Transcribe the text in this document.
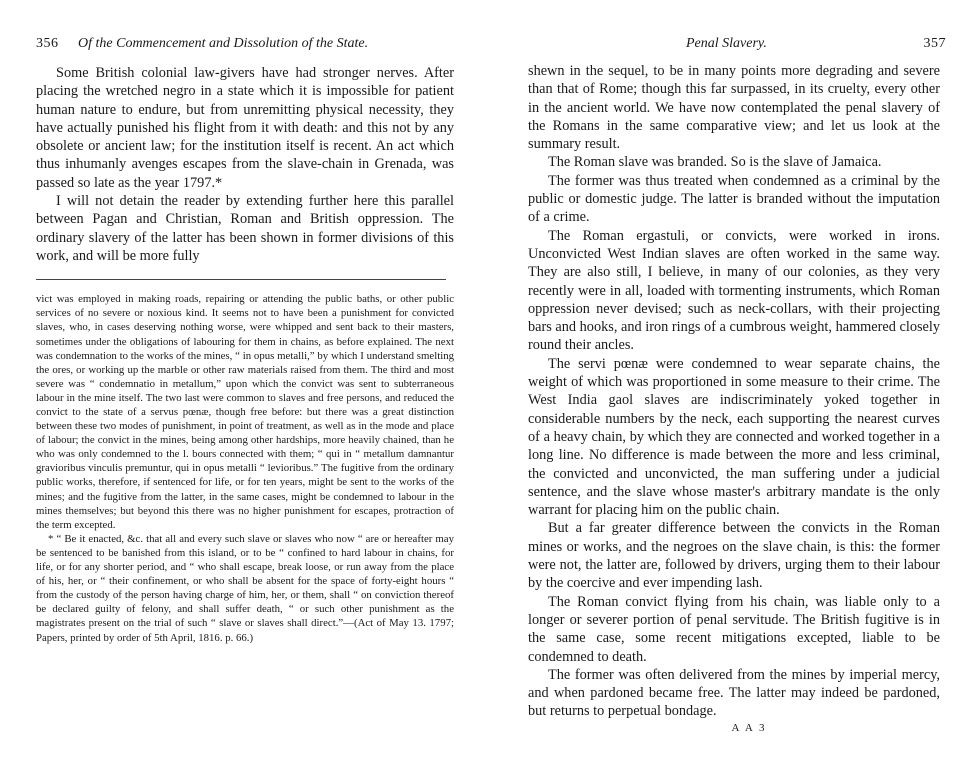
356 Of the Commencement and Dissolution of the State.

Some British colonial law-givers have had stronger nerves. After placing the wretched negro in a state which it is impossible for patient human nature to endure, but from unremitting physical necessity, they have actually punished his flight from it with death: and this not by any obsolete or ancient law; for the institution itself is recent. An act which thus inhumanly avenges escapes from the slave-chain in Grenada, was passed so late as the year 1797.*

I will not detain the reader by extending further here this parallel between Pagan and Christian, Roman and British oppression. The ordinary slavery of the latter has been shown in former divisions of this work, and will be more fully

vict was employed in making roads, repairing or attending the public baths, or other public services of no severe or noxious kind. It seems not to have been a punishment for convicted slaves, who, in cases deserving nothing worse, were whipped and sent back to their masters, sometimes under the obligations of labouring for them in chains, as before explained. The next was condemnation to the works of the mines, “ in opus metalli,” by which I understand smelting the ores, or working up the marble or other raw materials raised from them. The third and most severe was “ condemnatio in metallum,” upon which the convict was sent to subterraneous labour in the mine itself. The two last were common to slaves and free persons, and reduced the convict to the state of a servus pœnæ, though free before: but there was a great distinction between these two modes of punishment, in point of treatment, as well as in the mode and place of labour; the convict in the mines, being among other hardships, more heavily chained, than he who was only condemned to the l. bours connected with them; “ qui in “ metallum damnantur gravioribus vinculis premuntur, qui in opus metalli “ levioribus.” The fugitive from the ordinary public works, therefore, if sentenced for life, or for ten years, might be sent to the works of the mines; and the fugitive from the latter, in the same cases, might be condemned to labour in the mines themselves; but beyond this there was no higher punishment for escapes, protraction of the term excepted.

* “ Be it enacted, &c. that all and every such slave or slaves who now “ are or hereafter may be sentenced to be banished from this island, or to be “ confined to hard labour in chains, for life, or for any shorter period, and “ who shall escape, break loose, or run away from the place of his, her, or “ their confinement, or who shall be absent for the space of forty-eight hours “ from the custody of the person having charge of him, her, or them, shall “ on conviction thereof be declared guilty of felony, and shall suffer death, “ or such other punishment as the magistrates present on the trial of such “ slave or slaves shall direct.”—(Act of May 13. 1797; Papers, printed by order of 5th April, 1816. p. 66.)

Penal Slavery.	357

shewn in the sequel, to be in many points more degrading and severe than that of Rome; though this far surpassed, in its cruelty, every other in the ancient world. We have now contemplated the penal slavery of the Romans in the same comparative view; and let us look at the summary result.

The Roman slave was branded. So is the slave of Jamaica.

The former was thus treated when condemned as a criminal by the public or domestic judge. The latter is branded without the imputation of a crime.

The Roman ergastuli, or convicts, were worked in irons. Unconvicted West Indian slaves are often worked in the same way. They are also still, I believe, in many of our colonies, as they very recently were in all, loaded with tormenting instruments, which Roman oppression never devised; such as neck-collars, with their projecting bars and hooks, and iron rings of a cumbrous weight, hammered closely round their ancles.

The servi pœnæ were condemned to wear separate chains, the weight of which was proportioned in some measure to their crime. The West India gaol slaves are indiscriminately yoked together in considerable numbers by the neck, each supporting the nearest curves of a heavy chain, by which they are connected and worked together in a long line. No difference is made between the more and less criminal, the convicted and unconvicted, the man suffering under a judicial sentence, and the slave whose master's arbitrary mandate is the only warrant for placing him on the public chain.

But a far greater difference between the convicts in the Roman mines or works, and the negroes on the slave chain, is this: the former were not, the latter are, followed by drivers, urging them to their labour by the coercive and ever impending lash.

The Roman convict flying from his chain, was liable only to a longer or severer portion of penal servitude. The British fugitive is in the same case, some recent mitigations excepted, liable to be condemned to death.

The former was often delivered from the mines by imperial mercy, and when pardoned became free. The latter may indeed be pardoned, but returns to perpetual bondage.

A A 3
